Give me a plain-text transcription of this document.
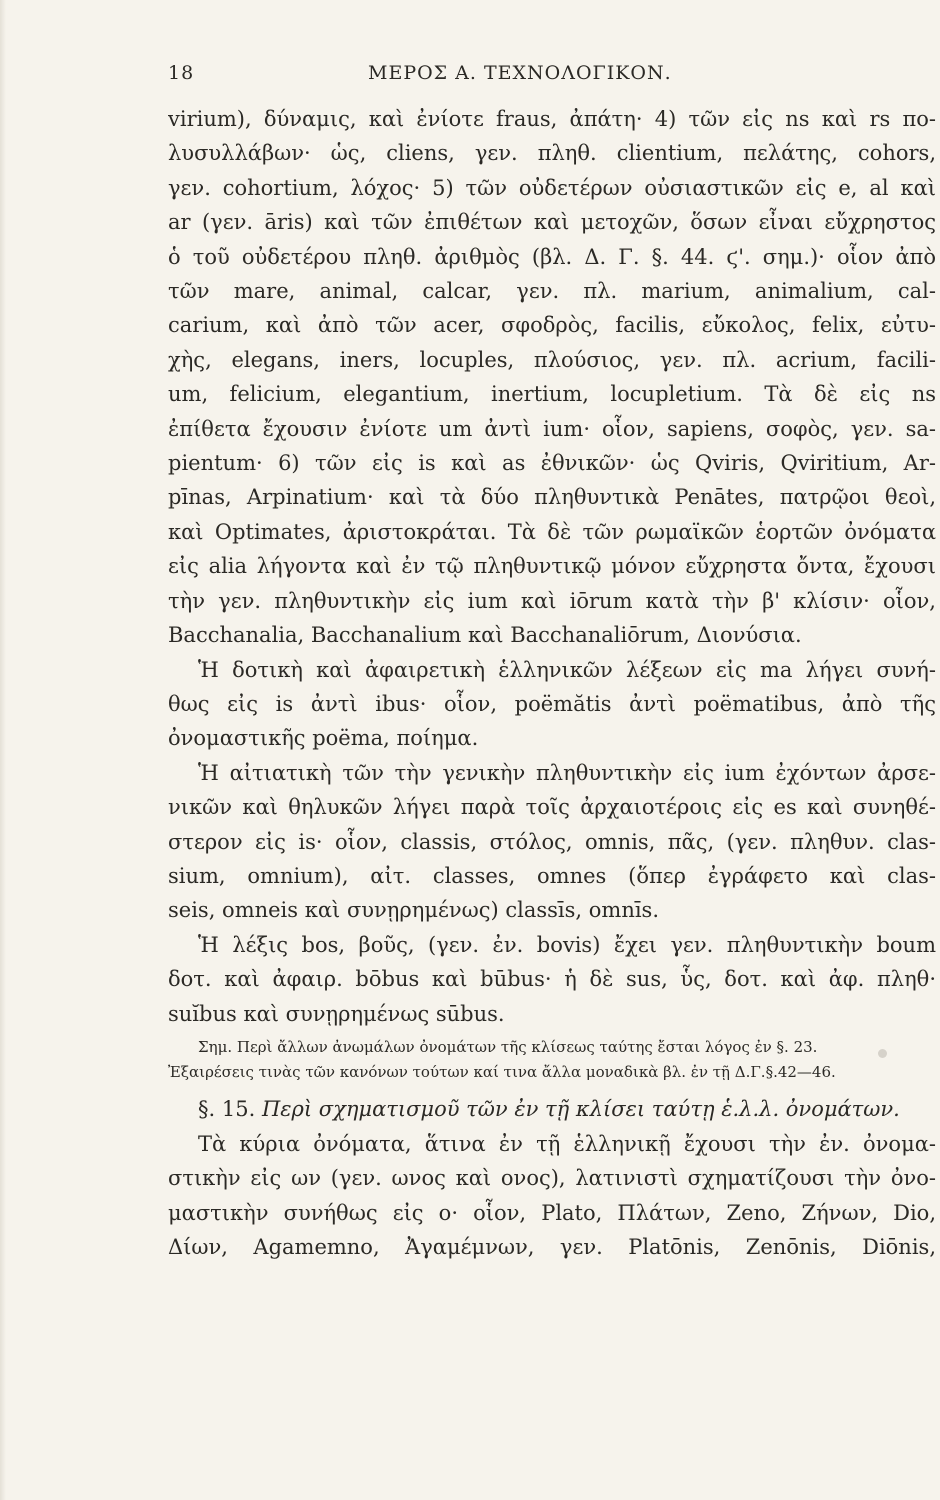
18	ΜΕΡΟΣ Α. ΤΕΧΝΟΛΟΓΙΚΟΝ.
virium), δύναμις, καὶ ἐνίοτε fraus, ἀπάτη· 4) τῶν εἰς ns καὶ rs πο-
λυσυλλάβων· ὡς, cliens, γεν. πληθ. clientium, πελάτης, cohors,
γεν. cohortium, λόχος· 5) τῶν οὐδετέρων οὐσιαστικῶν εἰς e, al καὶ
ar (γεν. āris) καὶ τῶν ἐπιθέτων καὶ μετοχῶν, ὅσων εἶναι εὔχρηστος
ὁ τοῦ οὐδετέρου πληθ. ἀριθμὸς (βλ. Δ. Γ. §. 44. ϛ'. σημ.)· οἷον ἀπὸ
τῶν mare, animal, calcar, γεν. πλ. marium, animalium, cal-
carium, καὶ ἀπὸ τῶν acer, σφοδρὸς, facilis, εὔκολος, felix, εὐτυ-
χὴς, elegans, iners, locuples, πλούσιος, γεν. πλ. acrium, facili-
um, felicium, elegantium, inertium, locupletium. Τὰ δὲ εἰς ns
ἐπίθετα ἔχουσιν ἐνίοτε um ἀντὶ ium· οἷον, sapiens, σοφὸς, γεν. sa-
pientum· 6) τῶν εἰς is καὶ as ἐθνικῶν· ὡς Qviris, Qviritium, Ar-
pīnas, Arpinatium· καὶ τὰ δύο πληθυντικὰ Penātes, πατρῷοι θεοὶ,
καὶ Optimates, ἀριστοκράται. Τὰ δὲ τῶν ρωμαϊκῶν ἑορτῶν ὀνόματα
εἰς alia λήγοντα καὶ ἐν τῷ πληθυντικῷ μόνον εὔχρηστα ὄντα, ἔχουσι
τὴν γεν. πληθυντικὴν εἰς ium καὶ iōrum κατὰ τὴν β' κλίσιν· οἷον,
Bacchanalia, Bacchanalium καὶ Bacchanaliōrum, Διονύσια.
Ἡ δοτικὴ καὶ ἀφαιρετικὴ ἑλληνικῶν λέξεων εἰς ma λήγει συνή-
θως εἰς is ἀντὶ ibus· οἷον, poëmătis ἀντὶ poëmatibus, ἀπὸ τῆς
ὀνομαστικῆς poëma, ποίημα.
Ἡ αἰτιατικὴ τῶν τὴν γενικὴν πληθυντικὴν εἰς ium ἐχόντων ἀρσε-
νικῶν καὶ θηλυκῶν λήγει παρὰ τοῖς ἀρχαιοτέροις εἰς es καὶ συνηθέ-
στερον εἰς is· οἷον, classis, στόλος, omnis, πᾶς, (γεν. πληθυν. clas-
sium, omnium), αἰτ. classes, omnes (ὅπερ ἐγράφετο καὶ clas-
seis, omneis καὶ συνῃρημένως) classīs, omnīs.
Ἡ λέξις bos, βοῦς, (γεν. ἐν. bovis) ἔχει γεν. πληθυντικὴν boum
δοτ. καὶ ἀφαιρ. bōbus καὶ būbus· ἡ δὲ sus, ὗς, δοτ. καὶ ἀφ. πληθ·
suĭbus καὶ συνῃρημένως sūbus.
Σημ. Περὶ ἄλλων ἀνωμάλων ὀνομάτων τῆς κλίσεως ταύτης ἔσται λόγος ἐν §. 23.
Ἐξαιρέσεις τινὰς τῶν κανόνων τούτων καί τινα ἄλλα μοναδικὰ βλ. ἐν τῇ Δ.Γ.§.42—46.
§. 15. Περὶ σχηματισμοῦ τῶν ἐν τῇ κλίσει ταύτῃ ἑ.λ.λ. ὀνομάτων.
Τὰ κύρια ὀνόματα, ἅτινα ἐν τῇ ἑλληνικῇ ἔχουσι τὴν ἐν. ὀνομα-
στικὴν εἰς ων (γεν. ωνος καὶ ονος), λατινιστὶ σχηματίζουσι τὴν ὀνο-
μαστικὴν συνήθως εἰς o· οἷον, Plato, Πλάτων, Zeno, Ζήνων, Dio,
Δίων, Agamemno, Ἀγαμέμνων, γεν. Platōnis, Zenōnis, Diōnis,
